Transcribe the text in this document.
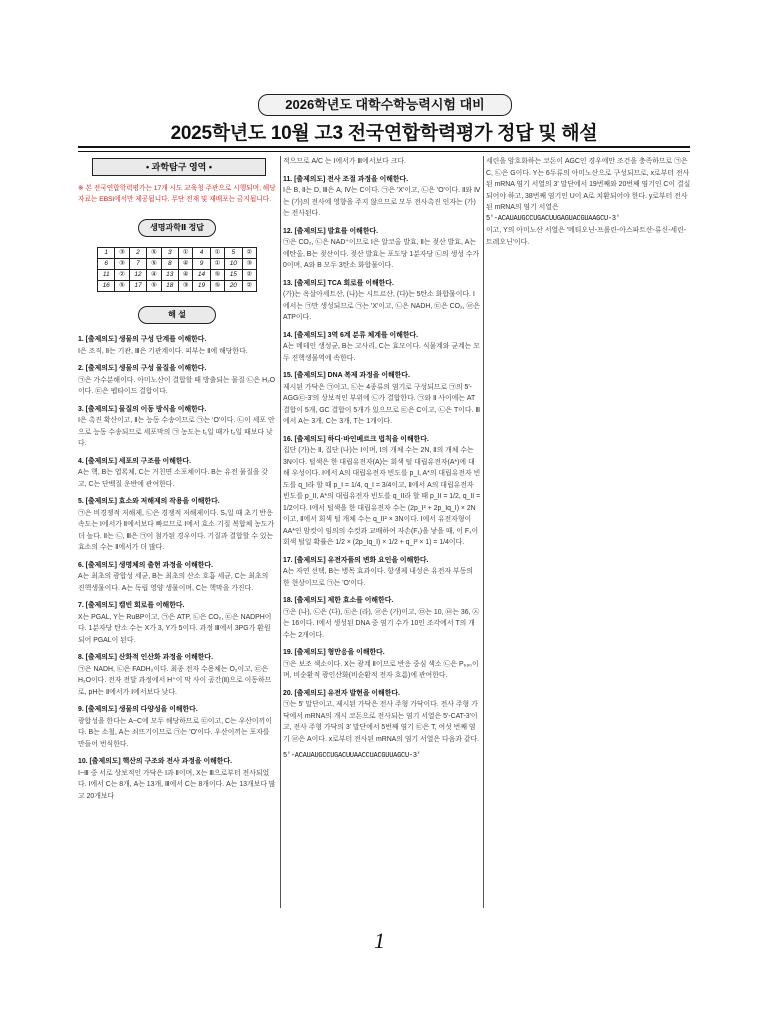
2026학년도 대학수학능력시험 대비
2025학년도 10월 고3 전국연합학력평가 정답 및 해설
• 과학탐구 영역 •
※ 본 전국연합학력평가는 17개 시도 교육청 주관으로 시행되며, 해당 자료는 EBSi에서만 제공됩니다. 무단 전재 및 재배포는 금지됩니다.
생명과학Ⅱ 정답
1	③	2	⑤	3	①	4	①	5	②
6	③	7	⑤	8	④	9	①	10	③
11	②	12	④	13	④	14	⑤	15	②
16	⑤	17	⑤	18	③	19	⑤	20	②
해 설
1. [출제의도] 생물의 구성 단계를 이해한다.
Ⅰ은 조직, Ⅱ는 기관, Ⅲ은 기관계이다. 피부는 Ⅱ에 해당한다.
2. [출제의도] 생물의 구성 물질을 이해한다.
㉠은 가수분해이다. 아미노산이 결합할 때 방출되는 물질 ㉡은 H₂O이다. ㉢은 펩타이드 결합이다.
3. [출제의도] 물질의 이동 방식을 이해한다.
Ⅰ은 촉진 확산이고, Ⅱ는 능동 수송이므로 ㉠는 'O'이다. ㉡이 세포 안으로 능동 수송되므로 세포막의 ㉠ 농도는 t₁일 때가 t₂일 때보다 낮다.
4. [출제의도] 세포의 구조를 이해한다.
A는 핵, B는 엽록체, C는 거친면 소포체이다. B는 유전 물질을 갖고, C는 단백질 운반에 관여한다.
5. [출제의도] 효소와 저해제의 작용을 이해한다.
㉠은 비경쟁적 저해제, ㉡은 경쟁적 저해제이다. S₁일 때 초기 반응 속도는 Ⅰ에서가 Ⅱ에서보다 빠르므로 Ⅰ에서 효소·기질 복합체 농도가 더 높다. Ⅱ는 ㉡, Ⅲ은 ㉠이 첨가된 경우이다. 기질과 결합할 수 있는 효소의 수는 Ⅱ에서가 더 많다.
6. [출제의도] 생명체의 출현 과정을 이해한다.
A는 최초의 광합성 세균, B는 최초의 산소 호흡 세균, C는 최초의 진핵생물이다. A는 독립 영양 생물이며, C는 핵막을 가진다.
7. [출제의도] 캘빈 회로를 이해한다.
X는 PGAL, Y는 RuBP이고, ㉠은 ATP, ㉡은 CO₂, ㉢은 NADPH이다. 1분자당 탄소 수는 X가 3, Y가 5이다. 과정 Ⅲ에서 3PG가 환원되어 PGAL이 된다.
8. [출제의도] 산화적 인산화 과정을 이해한다.
㉠은 NADH, ㉡은 FADH₂이다. 최종 전자 수용체는 O₂이고, ㉢은 H₂O이다. 전자 전달 과정에서 H⁺이 막 사이 공간(Ⅱ)으로 이동하므로, pH는 Ⅱ에서가 Ⅰ에서보다 낮다.
9. [출제의도] 생물의 다양성을 이해한다.
광합성을 한다는 A~C에 모두 해당하므로 ㉢이고, C는 우산이끼이다. B는 소철, A는 쇠뜨기이므로 ㉠는 'O'이다. 우산이끼는 포자를 만들어 번식한다.
10. [출제의도] 핵산의 구조와 전사 과정을 이해한다.
Ⅰ~Ⅲ 중 서로 상보적인 가닥은 Ⅰ과 Ⅱ이며, X는 Ⅲ으로부터 전사되었다. Ⅰ에서 C는 8개, A는 13개, Ⅲ에서 C는 8개이다. A는 13개보다 많고 20개보다
적으므로 A/C 는 Ⅰ에서가 Ⅲ에서보다 크다.
11. [출제의도] 전사 조절 과정을 이해한다.
Ⅰ은 B, Ⅱ는 D, Ⅲ은 A, Ⅳ는 C이다. ㉠은 'X'이고, ㉡은 'O'이다. Ⅱ와 Ⅳ는 (가)의 전사에 영향을 주지 않으므로 모두 전사촉진 인자는 (가)는 전사된다.
12. [출제의도] 발효를 이해한다.
㉠은 CO₂, ㉡은 NAD⁺이므로 Ⅰ은 알코올 발효, Ⅱ는 젖산 발효, A는 에탄올, B는 젖산이다. 젖산 발효는 포도당 1분자당 ㉡의 생성 수가 0이며, A와 B 모두 3탄소 화합물이다.
13. [출제의도] TCA 회로를 이해한다.
(가)는 옥살아세트산, (나)는 시트르산, (다)는 5탄소 화합물이다. Ⅰ에서는 ㉠만 생성되므로 ㉠는 'X'이고, ㉡은 NADH, ㉢은 CO₂, ㉣은 ATP이다.
14. [출제의도] 3역 6계 분류 체계를 이해한다.
A는 메테인 생성균, B는 고사리, C는 효모이다. 식물계와 균계는 모두 진핵생물역에 속한다.
15. [출제의도] DNA 복제 과정을 이해한다.
제시된 가닥은 ㉠이고, ㉡는 4종류의 염기로 구성되므로 ㉠의 5'-AGG㉢-3'의 상보적인 부위에 ㉡가 결합한다. ㉠와 Ⅱ 사이에는 AT 결합이 5개, GC 결합이 5개가 있으므로 ㉢은 C이고, ㉡은 T이다. Ⅲ에서 A는 3개, C는 3개, T는 1개이다.
16. [출제의도] 하디·바인베르크 법칙을 이해한다.
집단 (가)는 Ⅱ, 집단 (나)는 Ⅰ이며, Ⅰ의 개체 수는 2N, Ⅱ의 개체 수는 3N이다. 털색은 한 대립유전자(A)는 회색 털 대립유전자(A*)에 대해 우성이다. Ⅰ에서 A의 대립유전자 빈도를 p_I, A*의 대립유전자 빈도를 q_I라 할 때 p_I = 1/4, q_I = 3/4이고, Ⅱ에서 A의 대립유전자 빈도를 p_II, A*의 대립유전자 빈도를 q_II라 할 때 p_II = 1/2, q_II = 1/2이다. Ⅰ에서 털색을 한 대립유전자 수는 (2p_I² + 2p_Iq_I) × 2N이고, Ⅱ에서 회색 털 개체 수는 q_II² × 3N이다. Ⅰ에서 유전자형이 AA*인 암컷이 임의의 수컷과 교배하여 자손(F₁)을 낳을 때, 이 F₁이 회색 털일 확률은 1/2 × (2p_Iq_I) × 1/2 + q_I² × 1) = 1/4이다.
17. [출제의도] 유전자풀의 변화 요인을 이해한다.
A는 자연 선택, B는 병목 효과이다. 항생제 내성은 유전자 부동의 한 현상이므로 ㉠는 'O'이다.
18. [출제의도] 제한 효소를 이해한다.
㉠은 (나), ㉡은 (다), ㉢은 (라), ㉣은 (가)이고, ㉤는 10, ㉥는 36, ㉦는 16이다. Ⅰ에서 생성된 DNA 중 염기 수가 10인 조각에서 T의 개수는 2개이다.
19. [출제의도] 형만응을 이해한다.
㉠은 보조 색소이다. X는 광계 Ⅱ이므로 반응 중심 색소 ㉡은 P₆₈₀이며, 비순환적 광인산화(비순환적 전자 흐름)에 관여한다.
20. [출제의도] 유전자 발현을 이해한다.
㉠는 5' 말단이고, 제시된 가닥은 전사 주형 가닥이다. 전사 주형 가닥에서 mRNA의 개시 코돈으로 전사되는 염기 서열은 5'-CAT-3'이고, 전사 주형 가닥의 3' 말단에서 5번째 염기 ㉢은 T, 여섯 번째 염기 ㉣은 A이다. x로부터 전사된 mRNA의 염기 서열은 다음과 같다.
5'-ACAUAUGCCUGACUUAACCUACGUUAGCU-3'
세린을 암호화하는 코돈이 AGC인 경우에만 조건을 충족하므로 ㉠은 C, ㉡은 G이다. Y는 6두류의 아미노산으로 구성되므로, x로부터 전사된 mRNA 염기 서열의 3' 말단에서 19번째와 20번째 염기인 C이 결실되어야 하고, 38번째 염기인 U이 A로 치환되어야 한다. y로부터 전사된 mRNA의 염기 서열은
5'-ACAUAUGCCUGACUUGAGUACGUAAGCU-3'
이고, Y의 아미노산 서열은 '메티오닌-프롤린-아스파트산-류신-세린-트레오닌'이다.
1
